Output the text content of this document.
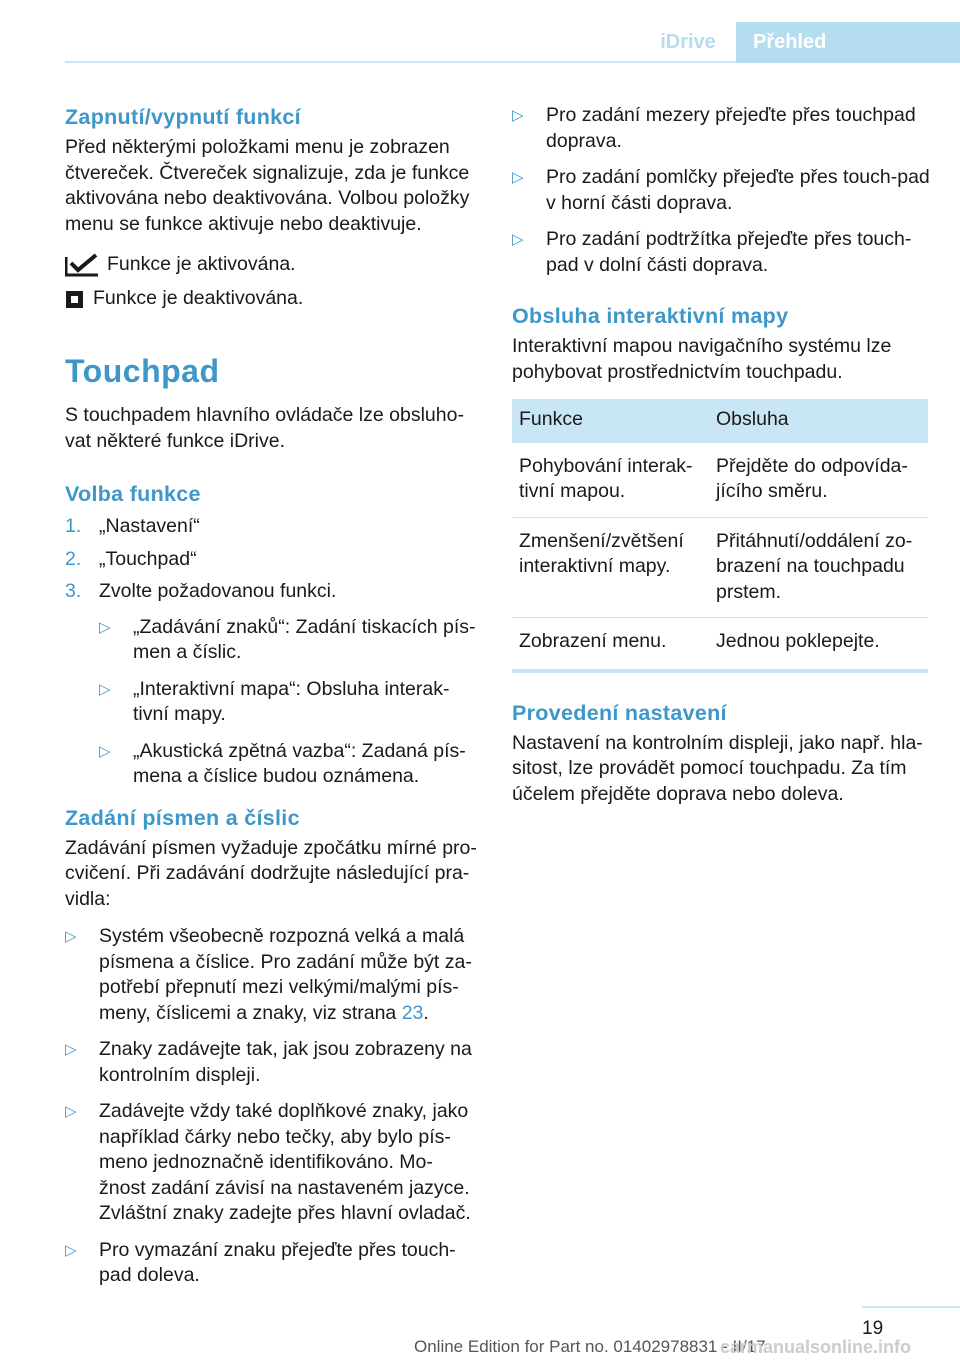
iDrive	Přehled
Zapnutí/vypnutí funkcí

Před některými položkami menu je zobrazen čtvereček. Čtvereček signalizuje, zda je funkce aktivována nebo deaktivována. Volbou položky menu se funkce aktivuje nebo deaktivuje.

Funkce je aktivována.
Funkce je deaktivována.
Touchpad

S touchpadem hlavního ovládače lze obsluho-vat některé funkce iDrive.

Volba funkce
1. „Nastavení“
2. „Touchpad“
3. Zvolte požadovanou funkci.
▷	„Zadávání znaků“: Zadání tiskacích pís-men a číslic.
▷	„Interaktivní mapa“: Obsluha interak-tivní mapy.
▷	„Akustická zpětná vazba“: Zadaná pís-mena a číslice budou oznámena.
Zadání písmen a číslic

Zadávání písmen vyžaduje zpočátku mírné pro-cvičení. Při zadávání dodržujte následující pra-vidla:

▷	Systém všeobecně rozpozná velká a malá písmena a číslice. Pro zadání může být za-potřebí přepnutí mezi velkými/malými pís-meny, číslicemi a znaky, viz strana 23.
▷	Znaky zadávejte tak, jak jsou zobrazeny na kontrolním displeji.
▷	Zadávejte vždy také doplňkové znaky, jako například čárky nebo tečky, aby bylo pís-meno jednoznačně identifikováno. Mo-žnost zadání závisí na nastaveném jazyce. Zvláštní znaky zadejte přes hlavní ovladač.
▷	Pro vymazání znaku přejeďte přes touch-pad doleva.
▷	Pro zadání mezery přejeďte přes touchpad doprava.
▷	Pro zadání pomlčky přejeďte přes touch-pad v horní části doprava.
▷	Pro zadání podtržítka přejeďte přes touch-pad v dolní části doprava.
Obsluha interaktivní mapy

Interaktivní mapou navigačního systému lze pohybovat prostřednictvím touchpadu.

Funkce	Obsluha
Pohybování interak-tivní mapou.	Přejděte do odpovída-jícího směru.
Zmenšení/zvětšení interaktivní mapy.	Přitáhnutí/oddálení zo-brazení na touchpadu prstem.
Zobrazení menu.	Jednou poklepejte.
Provedení nastavení

Nastavení na kontrolním displeji, jako např. hla-sitost, lze provádět pomocí touchpadu. Za tím účelem přejděte doprava nebo doleva.

19
Online Edition for Part no. 01402978831 - II/17
carmanualsonline.info
